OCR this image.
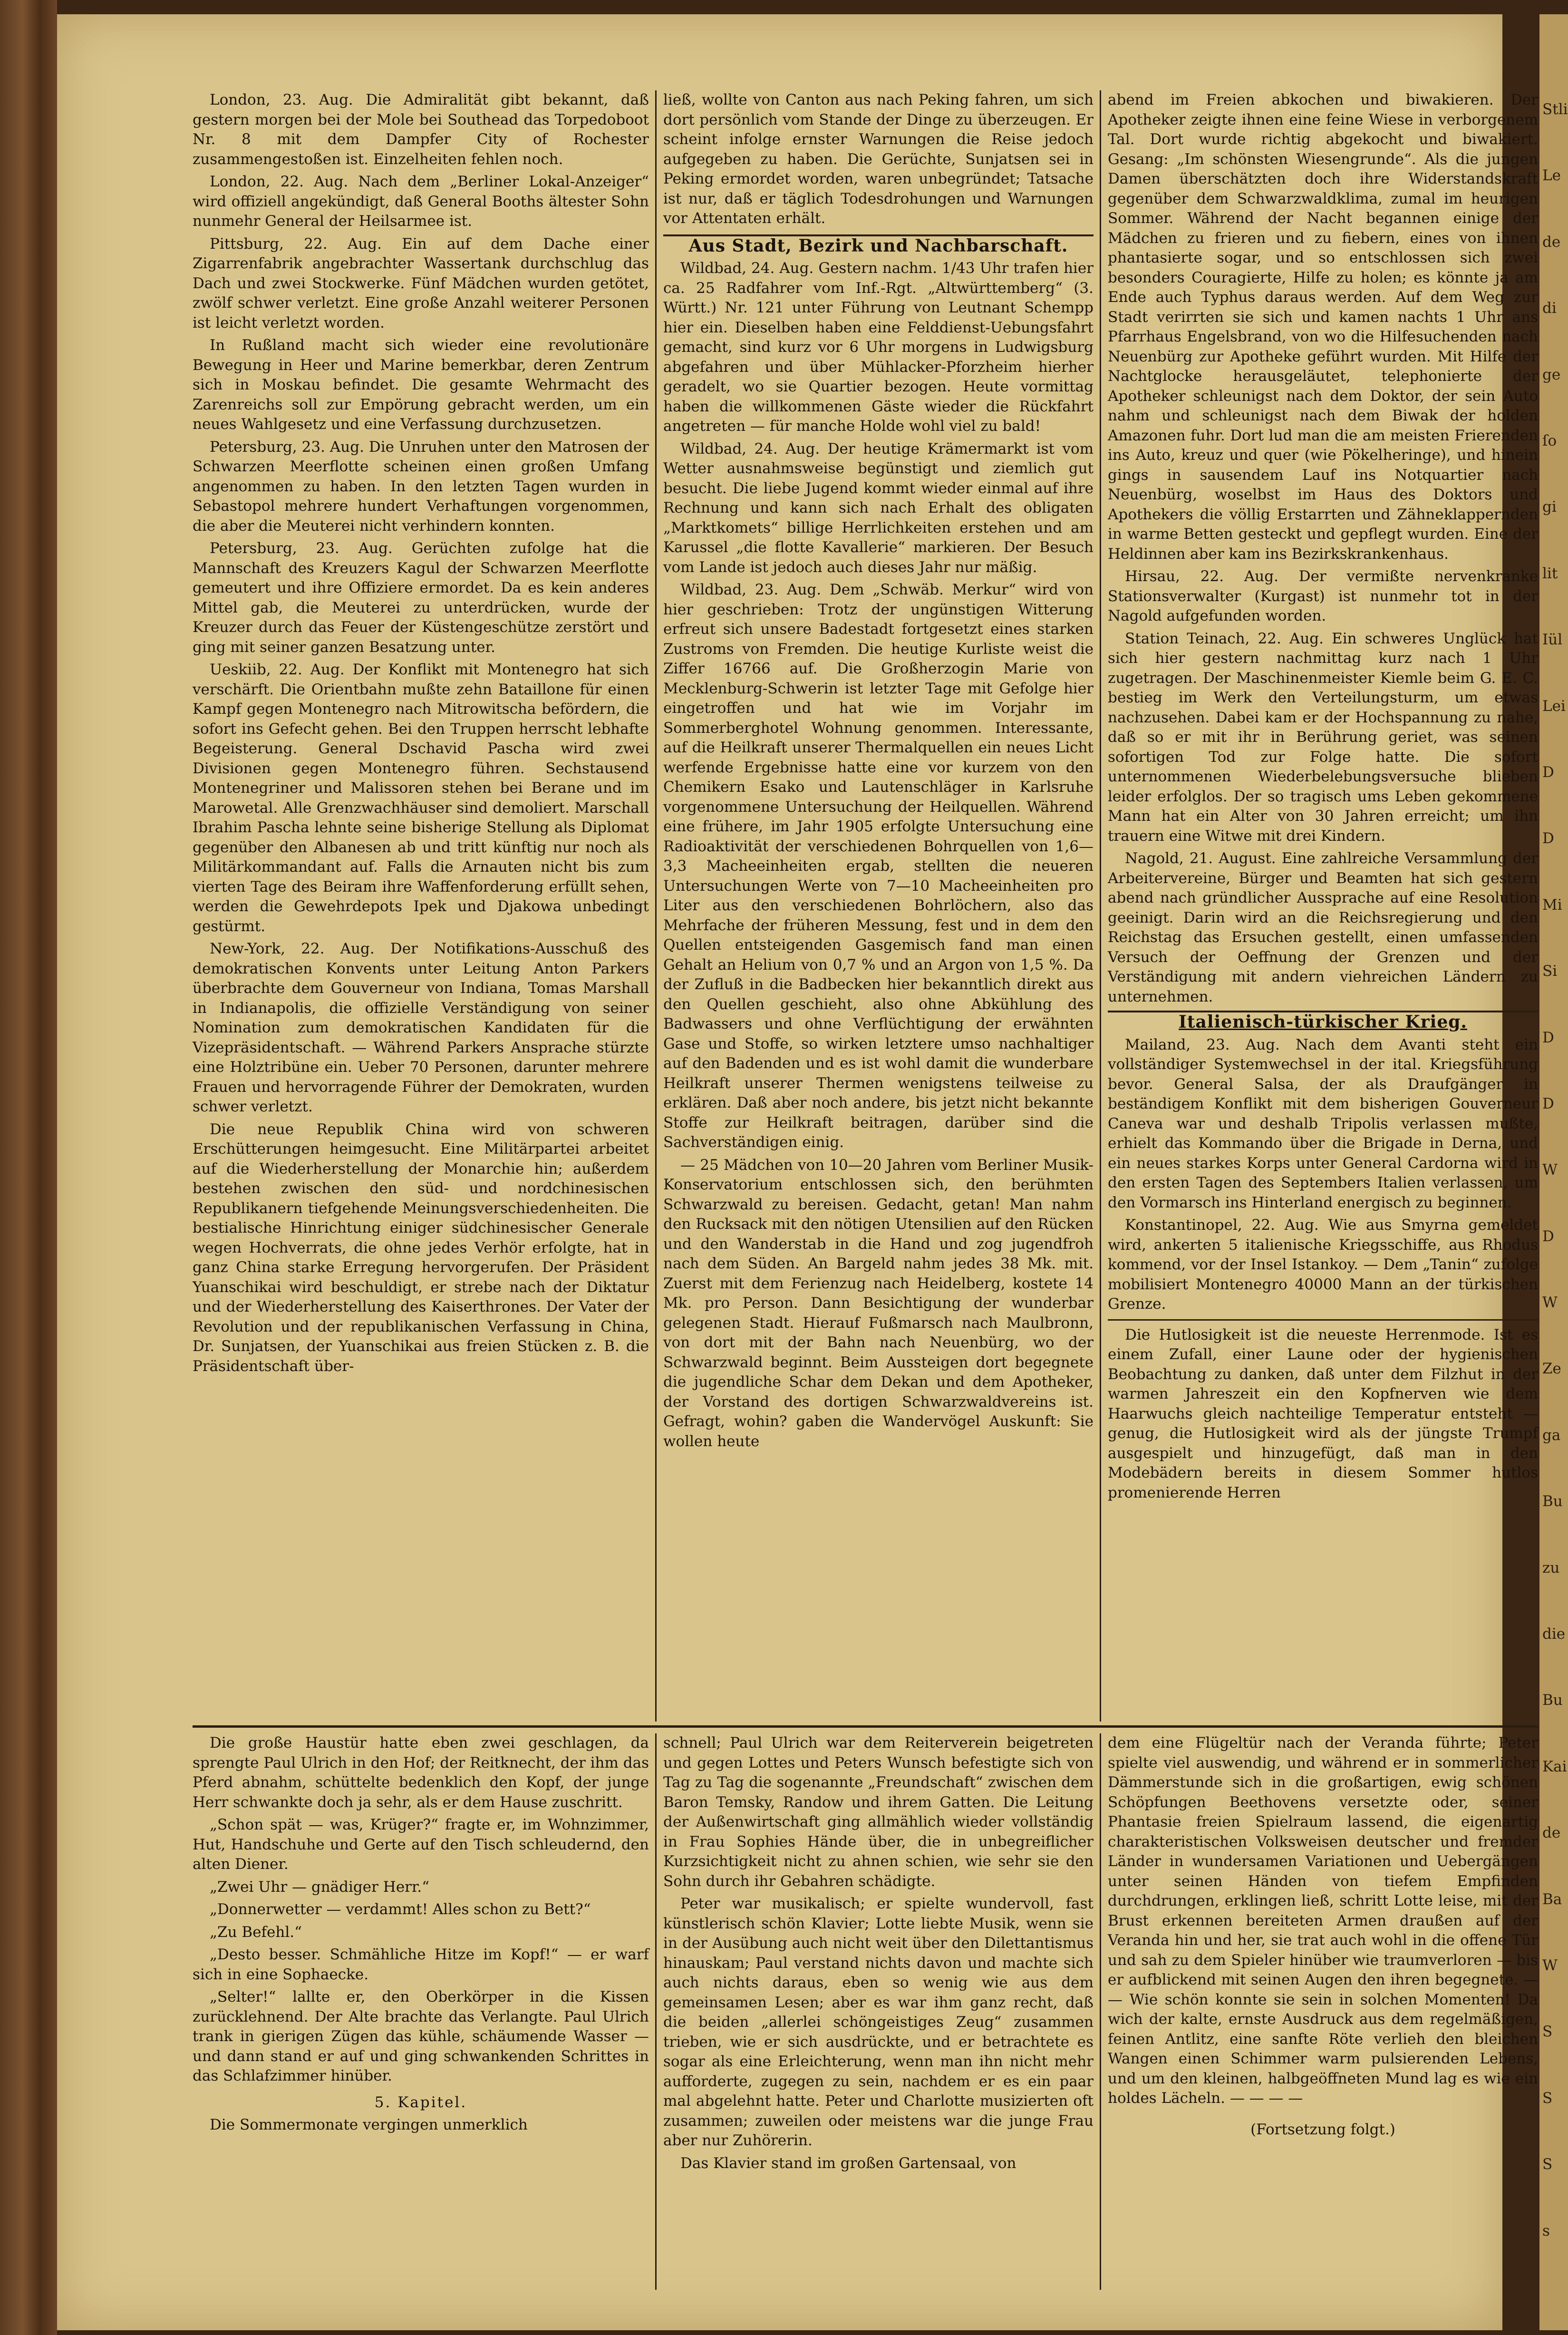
London, 23. Aug. Die Admiralität gibt bekannt, daß gestern morgen bei der Mole bei Southead das Torpedoboot Nr. 8 mit dem Dampfer City of Rochester zusammengestoßen ist. Einzelheiten fehlen noch.

London, 22. Aug. Nach dem „Berliner Lokal-Anzeiger“ wird offiziell angekündigt, daß General Booths ältester Sohn nunmehr General der Heilsarmee ist.

Pittsburg, 22. Aug. Ein auf dem Dache einer Zigarrenfabrik angebrachter Wassertank durchschlug das Dach und zwei Stockwerke. Fünf Mädchen wurden getötet, zwölf schwer verletzt. Eine große Anzahl weiterer Personen ist leicht verletzt worden.

In Rußland macht sich wieder eine revolutionäre Bewegung in Heer und Marine bemerkbar, deren Zentrum sich in Moskau befindet. Die gesamte Wehrmacht des Zarenreichs soll zur Empörung gebracht werden, um ein neues Wahlgesetz und eine Verfassung durchzusetzen.

Petersburg, 23. Aug. Die Unruhen unter den Matrosen der Schwarzen Meerflotte scheinen einen großen Umfang angenommen zu haben. In den letzten Tagen wurden in Sebastopol mehrere hundert Verhaftungen vorgenommen, die aber die Meuterei nicht verhindern konnten.

Petersburg, 23. Aug. Gerüchten zufolge hat die Mannschaft des Kreuzers Kagul der Schwarzen Meerflotte gemeutert und ihre Offiziere ermordet. Da es kein anderes Mittel gab, die Meuterei zu unterdrücken, wurde der Kreuzer durch das Feuer der Küstengeschütze zerstört und ging mit seiner ganzen Besatzung unter.

Ueskiib, 22. Aug. Der Konflikt mit Montenegro hat sich verschärft. Die Orientbahn mußte zehn Bataillone für einen Kampf gegen Montenegro nach Mitrowitscha befördern, die sofort ins Gefecht gehen. Bei den Truppen herrscht lebhafte Begeisterung. General Dschavid Pascha wird zwei Divisionen gegen Montenegro führen. Sechstausend Montenegriner und Malissoren stehen bei Berane und im Marowetal. Alle Grenzwachhäuser sind demoliert. Marschall Ibrahim Pascha lehnte seine bisherige Stellung als Diplomat gegenüber den Albanesen ab und tritt künftig nur noch als Militärkommandant auf. Falls die Arnauten nicht bis zum vierten Tage des Beiram ihre Waffenforderung erfüllt sehen, werden die Gewehrdepots Ipek und Djakowa unbedingt gestürmt.

New-York, 22. Aug. Der Notifikations-Ausschuß des demokratischen Konvents unter Leitung Anton Parkers überbrachte dem Gouverneur von Indiana, Tomas Marshall in Indianapolis, die offizielle Verständigung von seiner Nomination zum demokratischen Kandidaten für die Vizepräsidentschaft. — Während Parkers Ansprache stürzte eine Holztribüne ein. Ueber 70 Personen, darunter mehrere Frauen und hervorragende Führer der Demokraten, wurden schwer verletzt.

Die neue Republik China wird von schweren Erschütterungen heimgesucht. Eine Militärpartei arbeitet auf die Wiederherstellung der Monarchie hin; außerdem bestehen zwischen den süd- und nordchinesischen Republikanern tiefgehende Meinungsverschiedenheiten. Die bestialische Hinrichtung einiger südchinesischer Generale wegen Hochverrats, die ohne jedes Verhör erfolgte, hat in ganz China starke Erregung hervorgerufen. Der Präsident Yuanschikai wird beschuldigt, er strebe nach der Diktatur und der Wiederherstellung des Kaiserthrones. Der Vater der Revolution und der republikanischen Verfassung in China, Dr. Sunjatsen, der Yuanschikai aus freien Stücken z. B. die Präsidentschaft über-

ließ, wollte von Canton aus nach Peking fahren, um sich dort persönlich vom Stande der Dinge zu überzeugen. Er scheint infolge ernster Warnungen die Reise jedoch aufgegeben zu haben. Die Gerüchte, Sunjatsen sei in Peking ermordet worden, waren unbegründet; Tatsache ist nur, daß er täglich Todesdrohungen und Warnungen vor Attentaten erhält.

Aus Stadt, Bezirk und Nachbarschaft.

Wildbad, 24. Aug. Gestern nachm. 1/43 Uhr trafen hier ca. 25 Radfahrer vom Inf.-Rgt. „Altwürttemberg“ (3. Württ.) Nr. 121 unter Führung von Leutnant Schempp hier ein. Dieselben haben eine Felddienst-Uebungsfahrt gemacht, sind kurz vor 6 Uhr morgens in Ludwigsburg abgefahren und über Mühlacker-Pforzheim hierher geradelt, wo sie Quartier bezogen. Heute vormittag haben die willkommenen Gäste wieder die Rückfahrt angetreten — für manche Holde wohl viel zu bald!

Wildbad, 24. Aug. Der heutige Krämermarkt ist vom Wetter ausnahmsweise begünstigt und ziemlich gut besucht. Die liebe Jugend kommt wieder einmal auf ihre Rechnung und kann sich nach Erhalt des obligaten „Marktkomets“ billige Herrlichkeiten erstehen und am Karussel „die flotte Kavallerie“ markieren. Der Besuch vom Lande ist jedoch auch dieses Jahr nur mäßig.

Wildbad, 23. Aug. Dem „Schwäb. Merkur“ wird von hier geschrieben: Trotz der ungünstigen Witterung erfreut sich unsere Badestadt fortgesetzt eines starken Zustroms von Fremden. Die heutige Kurliste weist die Ziffer 16766 auf. Die Großherzogin Marie von Mecklenburg-Schwerin ist letzter Tage mit Gefolge hier eingetroffen und hat wie im Vorjahr im Sommerberghotel Wohnung genommen. Interessante, auf die Heilkraft unserer Thermalquellen ein neues Licht werfende Ergebnisse hatte eine vor kurzem von den Chemikern Esako und Lautenschläger in Karlsruhe vorgenommene Untersuchung der Heilquellen. Während eine frühere, im Jahr 1905 erfolgte Untersuchung eine Radioaktivität der verschiedenen Bohrquellen von 1,6—3,3 Macheeinheiten ergab, stellten die neueren Untersuchungen Werte von 7—10 Macheeinheiten pro Liter aus den verschiedenen Bohrlöchern, also das Mehrfache der früheren Messung, fest und in dem den Quellen entsteigenden Gasgemisch fand man einen Gehalt an Helium von 0,7 % und an Argon von 1,5 %. Da der Zufluß in die Badbecken hier bekanntlich direkt aus den Quellen geschieht, also ohne Abkühlung des Badwassers und ohne Verflüchtigung der erwähnten Gase und Stoffe, so wirken letztere umso nachhaltiger auf den Badenden und es ist wohl damit die wunderbare Heilkraft unserer Thermen wenigstens teilweise zu erklären. Daß aber noch andere, bis jetzt nicht bekannte Stoffe zur Heilkraft beitragen, darüber sind die Sachverständigen einig.

— 25 Mädchen von 10—20 Jahren vom Berliner Musik-Konservatorium entschlossen sich, den berühmten Schwarzwald zu bereisen. Gedacht, getan! Man nahm den Rucksack mit den nötigen Utensilien auf den Rücken und den Wanderstab in die Hand und zog jugendfroh nach dem Süden. An Bargeld nahm jedes 38 Mk. mit. Zuerst mit dem Ferienzug nach Heidelberg, kostete 14 Mk. pro Person. Dann Besichtigung der wunderbar gelegenen Stadt. Hierauf Fußmarsch nach Maulbronn, von dort mit der Bahn nach Neuenbürg, wo der Schwarzwald beginnt. Beim Aussteigen dort begegnete die jugendliche Schar dem Dekan und dem Apotheker, der Vorstand des dortigen Schwarzwaldvereins ist. Gefragt, wohin? gaben die Wandervögel Auskunft: Sie wollen heute

abend im Freien abkochen und biwakieren. Der Apotheker zeigte ihnen eine feine Wiese in verborgenem Tal. Dort wurde richtig abgekocht und biwakiert. Gesang: „Im schönsten Wiesengrunde“. Als die jungen Damen überschätzten doch ihre Widerstandskraft gegenüber dem Schwarzwaldklima, zumal im heurigen Sommer. Während der Nacht begannen einige der Mädchen zu frieren und zu fiebern, eines von ihnen phantasierte sogar, und so entschlossen sich zwei besonders Couragierte, Hilfe zu holen; es könnte ja am Ende auch Typhus daraus werden. Auf dem Weg zur Stadt verirrten sie sich und kamen nachts 1 Uhr ans Pfarrhaus Engelsbrand, von wo die Hilfesuchenden nach Neuenbürg zur Apotheke geführt wurden. Mit Hilfe der Nachtglocke herausgeläutet, telephonierte der Apotheker schleunigst nach dem Doktor, der sein Auto nahm und schleunigst nach dem Biwak der holden Amazonen fuhr. Dort lud man die am meisten Frierenden ins Auto, kreuz und quer (wie Pökelheringe), und hinein gings in sausendem Lauf ins Notquartier nach Neuenbürg, woselbst im Haus des Doktors und Apothekers die völlig Erstarrten und Zähneklappernden in warme Betten gesteckt und gepflegt wurden. Eine der Heldinnen aber kam ins Bezirkskrankenhaus.

Hirsau, 22. Aug. Der vermißte nervenkranke Stationsverwalter (Kurgast) ist nunmehr tot in der Nagold aufgefunden worden.

Station Teinach, 22. Aug. Ein schweres Unglück hat sich hier gestern nachmittag kurz nach 1 Uhr zugetragen. Der Maschinenmeister Kiemle beim G. E. C. bestieg im Werk den Verteilungsturm, um etwas nachzusehen. Dabei kam er der Hochspannung zu nahe, daß so er mit ihr in Berührung geriet, was seinen sofortigen Tod zur Folge hatte. Die sofort unternommenen Wiederbelebungsversuche blieben leider erfolglos. Der so tragisch ums Leben gekommene Mann hat ein Alter von 30 Jahren erreicht; um ihn trauern eine Witwe mit drei Kindern.

Nagold, 21. August. Eine zahlreiche Versammlung der Arbeitervereine, Bürger und Beamten hat sich gestern abend nach gründlicher Aussprache auf eine Resolution geeinigt. Darin wird an die Reichsregierung und den Reichstag das Ersuchen gestellt, einen umfassenden Versuch der Oeffnung der Grenzen und der Verständigung mit andern viehreichen Ländern zu unternehmen.

Italienisch-türkischer Krieg.

Mailand, 23. Aug. Nach dem Avanti steht ein vollständiger Systemwechsel in der ital. Kriegsführung bevor. General Salsa, der als Draufgänger in beständigem Konflikt mit dem bisherigen Gouverneur Caneva war und deshalb Tripolis verlassen mußte, erhielt das Kommando über die Brigade in Derna, und ein neues starkes Korps unter General Cardorna wird in den ersten Tagen des Septembers Italien verlassen, um den Vormarsch ins Hinterland energisch zu beginnen.

Konstantinopel, 22. Aug. Wie aus Smyrna gemeldet wird, ankerten 5 italienische Kriegsschiffe, aus Rhodus kommend, vor der Insel Istankoy. — Dem „Tanin“ zufolge mobilisiert Montenegro 40000 Mann an der türkischen Grenze.

Die Hutlosigkeit ist die neueste Herrenmode. Ist es einem Zufall, einer Laune oder der hygienischen Beobachtung zu danken, daß unter dem Filzhut in der warmen Jahreszeit ein den Kopfnerven wie dem Haarwuchs gleich nachteilige Temperatur entsteht — genug, die Hutlosigkeit wird als der jüngste Trumpf ausgespielt und hinzugefügt, daß man in den Modebädern bereits in diesem Sommer hutlos promenierende Herren

Die große Haustür hatte eben zwei geschlagen, da sprengte Paul Ulrich in den Hof; der Reitknecht, der ihm das Pferd abnahm, schüttelte bedenklich den Kopf, der junge Herr schwankte doch ja sehr, als er dem Hause zuschritt.

„Schon spät — was, Krüger?“ fragte er, im Wohnzimmer, Hut, Handschuhe und Gerte auf den Tisch schleudernd, den alten Diener.

„Zwei Uhr — gnädiger Herr.“

„Donnerwetter — verdammt! Alles schon zu Bett?“

„Zu Befehl.“

„Desto besser. Schmähliche Hitze im Kopf!“ — er warf sich in eine Sophaecke.

„Selter!“ lallte er, den Oberkörper in die Kissen zurücklehnend. Der Alte brachte das Verlangte. Paul Ulrich trank in gierigen Zügen das kühle, schäumende Wasser — und dann stand er auf und ging schwankenden Schrittes in das Schlafzimmer hinüber.

5. Kapitel.

Die Sommermonate vergingen unmerklich

schnell; Paul Ulrich war dem Reiterverein beigetreten und gegen Lottes und Peters Wunsch befestigte sich von Tag zu Tag die sogenannte „Freundschaft“ zwischen dem Baron Temsky, Randow und ihrem Gatten. Die Leitung der Außenwirtschaft ging allmählich wieder vollständig in Frau Sophies Hände über, die in unbegreiflicher Kurzsichtigkeit nicht zu ahnen schien, wie sehr sie den Sohn durch ihr Gebahren schädigte.

Peter war musikalisch; er spielte wundervoll, fast künstlerisch schön Klavier; Lotte liebte Musik, wenn sie in der Ausübung auch nicht weit über den Dilettantismus hinauskam; Paul verstand nichts davon und machte sich auch nichts daraus, eben so wenig wie aus dem gemeinsamen Lesen; aber es war ihm ganz recht, daß die beiden „allerlei schöngeistiges Zeug“ zusammen trieben, wie er sich ausdrückte, und er betrachtete es sogar als eine Erleichterung, wenn man ihn nicht mehr aufforderte, zugegen zu sein, nachdem er es ein paar mal abgelehnt hatte. Peter und Charlotte musizierten oft zusammen; zuweilen oder meistens war die junge Frau aber nur Zuhörerin.

Das Klavier stand im großen Gartensaal, von

dem eine Flügeltür nach der Veranda führte; Peter spielte viel auswendig, und während er in sommerlicher Dämmerstunde sich in die großartigen, ewig schönen Schöpfungen Beethovens versetzte oder, seiner Phantasie freien Spielraum lassend, die eigenartig charakteristischen Volksweisen deutscher und fremder Länder in wundersamen Variationen und Uebergängen unter seinen Händen von tiefem Empfinden durchdrungen, erklingen ließ, schritt Lotte leise, mit der Brust erkennen bereiteten Armen draußen auf der Veranda hin und her, sie trat auch wohl in die offene Tür und sah zu dem Spieler hinüber wie traumverloren — bis er aufblickend mit seinen Augen den ihren begegnete. — — Wie schön konnte sie sein in solchen Momenten! Da wich der kalte, ernste Ausdruck aus dem regelmäßigen, feinen Antlitz, eine sanfte Röte verlieh den bleichen Wangen einen Schimmer warm pulsierenden Lebens, und um den kleinen, halbgeöffneten Mund lag es wie ein holdes Lächeln. — — — —

(Fortsetzung folgt.)

Stli
Le
de
di
ge
ſo
gi
lit
Iül
Lei
D
D
Mi
Si
D
D
W
D
W
Ze
ga
Bu
zu
die
Bu
Kai
de
Ba
W
S
S
S
s
